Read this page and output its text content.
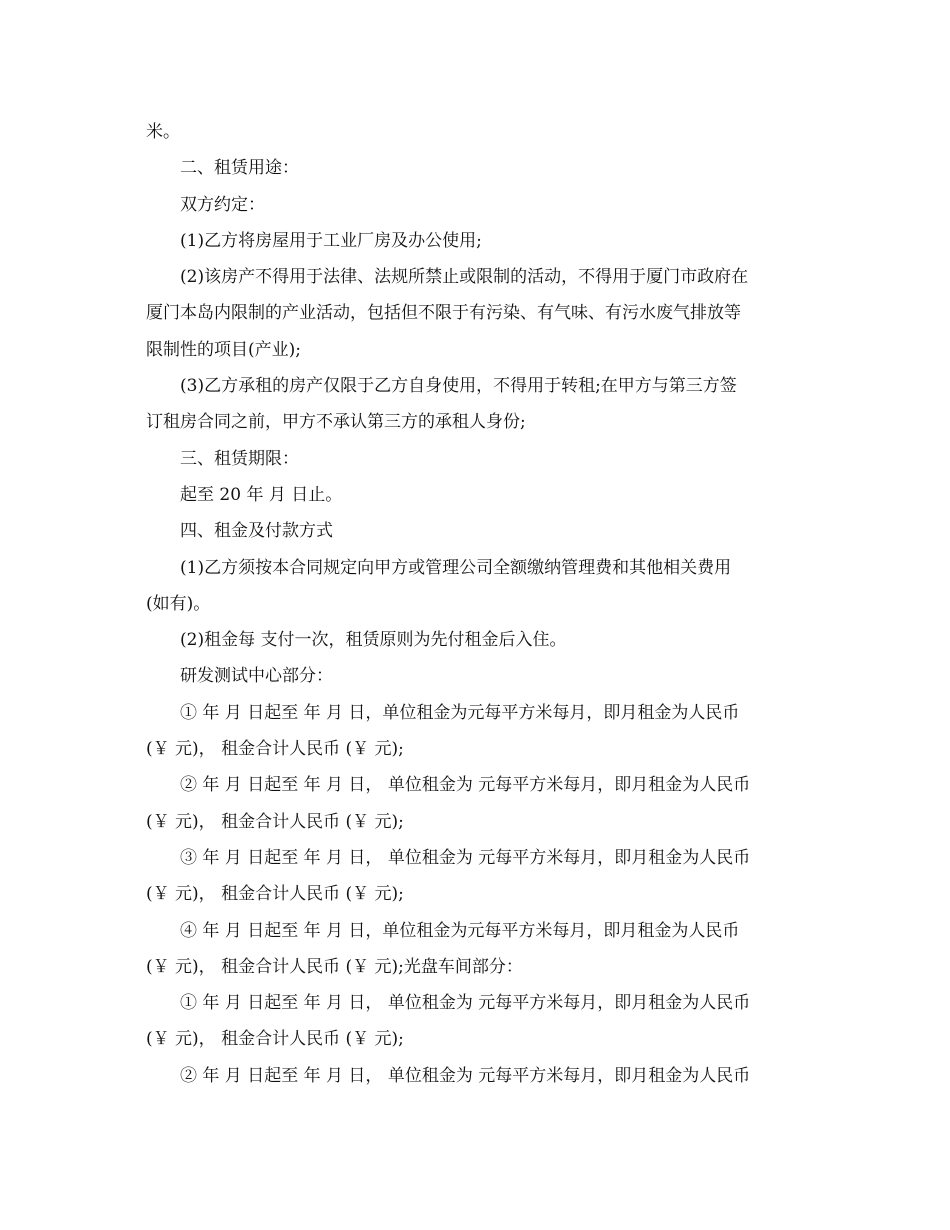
米。
二、租赁用途：
双方约定：
(1)乙方将房屋用于工业厂房及办公使用;
(2)该房产不得用于法律、法规所禁止或限制的活动，不得用于厦门市政府在
厦门本岛内限制的产业活动，包括但不限于有污染、有气味、有污水废气排放等
限制性的项目(产业);
(3)乙方承租的房产仅限于乙方自身使用，不得用于转租;在甲方与第三方签
订租房合同之前，甲方不承认第三方的承租人身份;
三、租赁期限：
起至 20 年 月 日止。
四、租金及付款方式
(1)乙方须按本合同规定向甲方或管理公司全额缴纳管理费和其他相关费用
(如有)。
(2)租金每 支付一次，租赁原则为先付租金后入住。
研发测试中心部分：
① 年 月 日起至 年 月 日，单位租金为元每平方米每月，即月租金为人民币
(￥ 元)， 租金合计人民币 (￥ 元);
② 年 月 日起至 年 月 日， 单位租金为 元每平方米每月，即月租金为人民币
(￥ 元)， 租金合计人民币 (￥ 元);
③ 年 月 日起至 年 月 日， 单位租金为 元每平方米每月，即月租金为人民币
(￥ 元)， 租金合计人民币 (￥ 元);
④ 年 月 日起至 年 月 日，单位租金为元每平方米每月，即月租金为人民币
(￥ 元)， 租金合计人民币 (￥ 元);光盘车间部分：
① 年 月 日起至 年 月 日， 单位租金为 元每平方米每月，即月租金为人民币
(￥ 元)， 租金合计人民币 (￥ 元);
② 年 月 日起至 年 月 日， 单位租金为 元每平方米每月，即月租金为人民币
